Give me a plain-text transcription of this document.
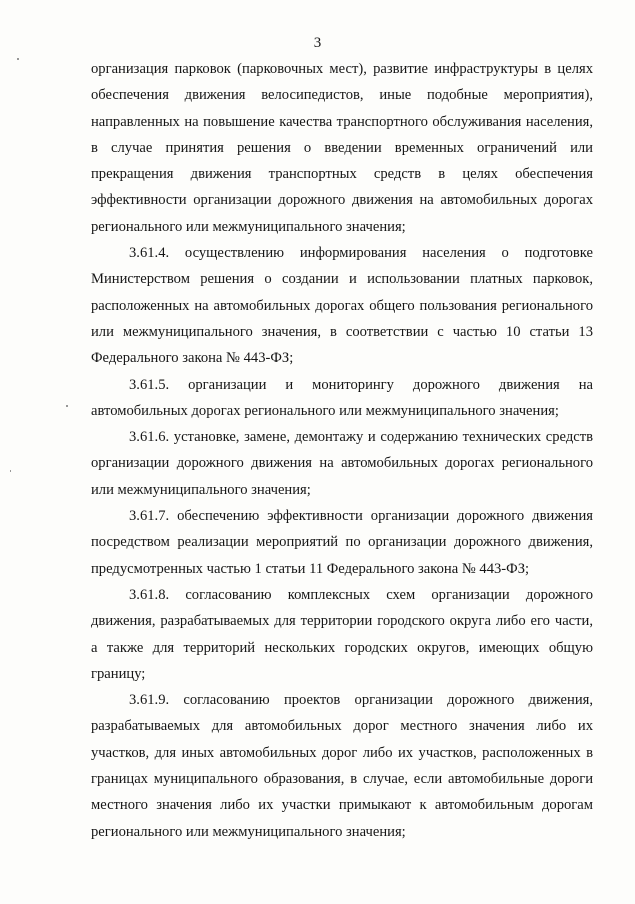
3

организация парковок (парковочных мест), развитие инфраструктуры в целях обеспечения движения велосипедистов, иные подобные мероприятия), направленных на повышение качества транспортного обслуживания населения, в случае принятия решения о введении временных ограничений или прекращения движения транспортных средств в целях обеспечения эффективности организации дорожного движения на автомобильных дорогах регионального или межмуниципального значения;

3.61.4. осуществлению информирования населения о подготовке Министерством решения о создании и использовании платных парковок, расположенных на автомобильных дорогах общего пользования регионального или межмуниципального значения, в соответствии с частью 10 статьи 13 Федерального закона № 443-ФЗ;

3.61.5. организации и мониторингу дорожного движения на автомобильных дорогах регионального или межмуниципального значения;

3.61.6. установке, замене, демонтажу и содержанию технических средств организации дорожного движения на автомобильных дорогах регионального или межмуниципального значения;

3.61.7. обеспечению эффективности организации дорожного движения посредством реализации мероприятий по организации дорожного движения, предусмотренных частью 1 статьи 11 Федерального закона № 443-ФЗ;

3.61.8. согласованию комплексных схем организации дорожного движения, разрабатываемых для территории городского округа либо его части, а также для территорий нескольких городских округов, имеющих общую границу;

3.61.9. согласованию проектов организации дорожного движения, разрабатываемых для автомобильных дорог местного значения либо их участков, для иных автомобильных дорог либо их участков, расположенных в границах муниципального образования, в случае, если автомобильные дороги местного значения либо их участки примыкают к автомобильным дорогам регионального или межмуниципального значения;
